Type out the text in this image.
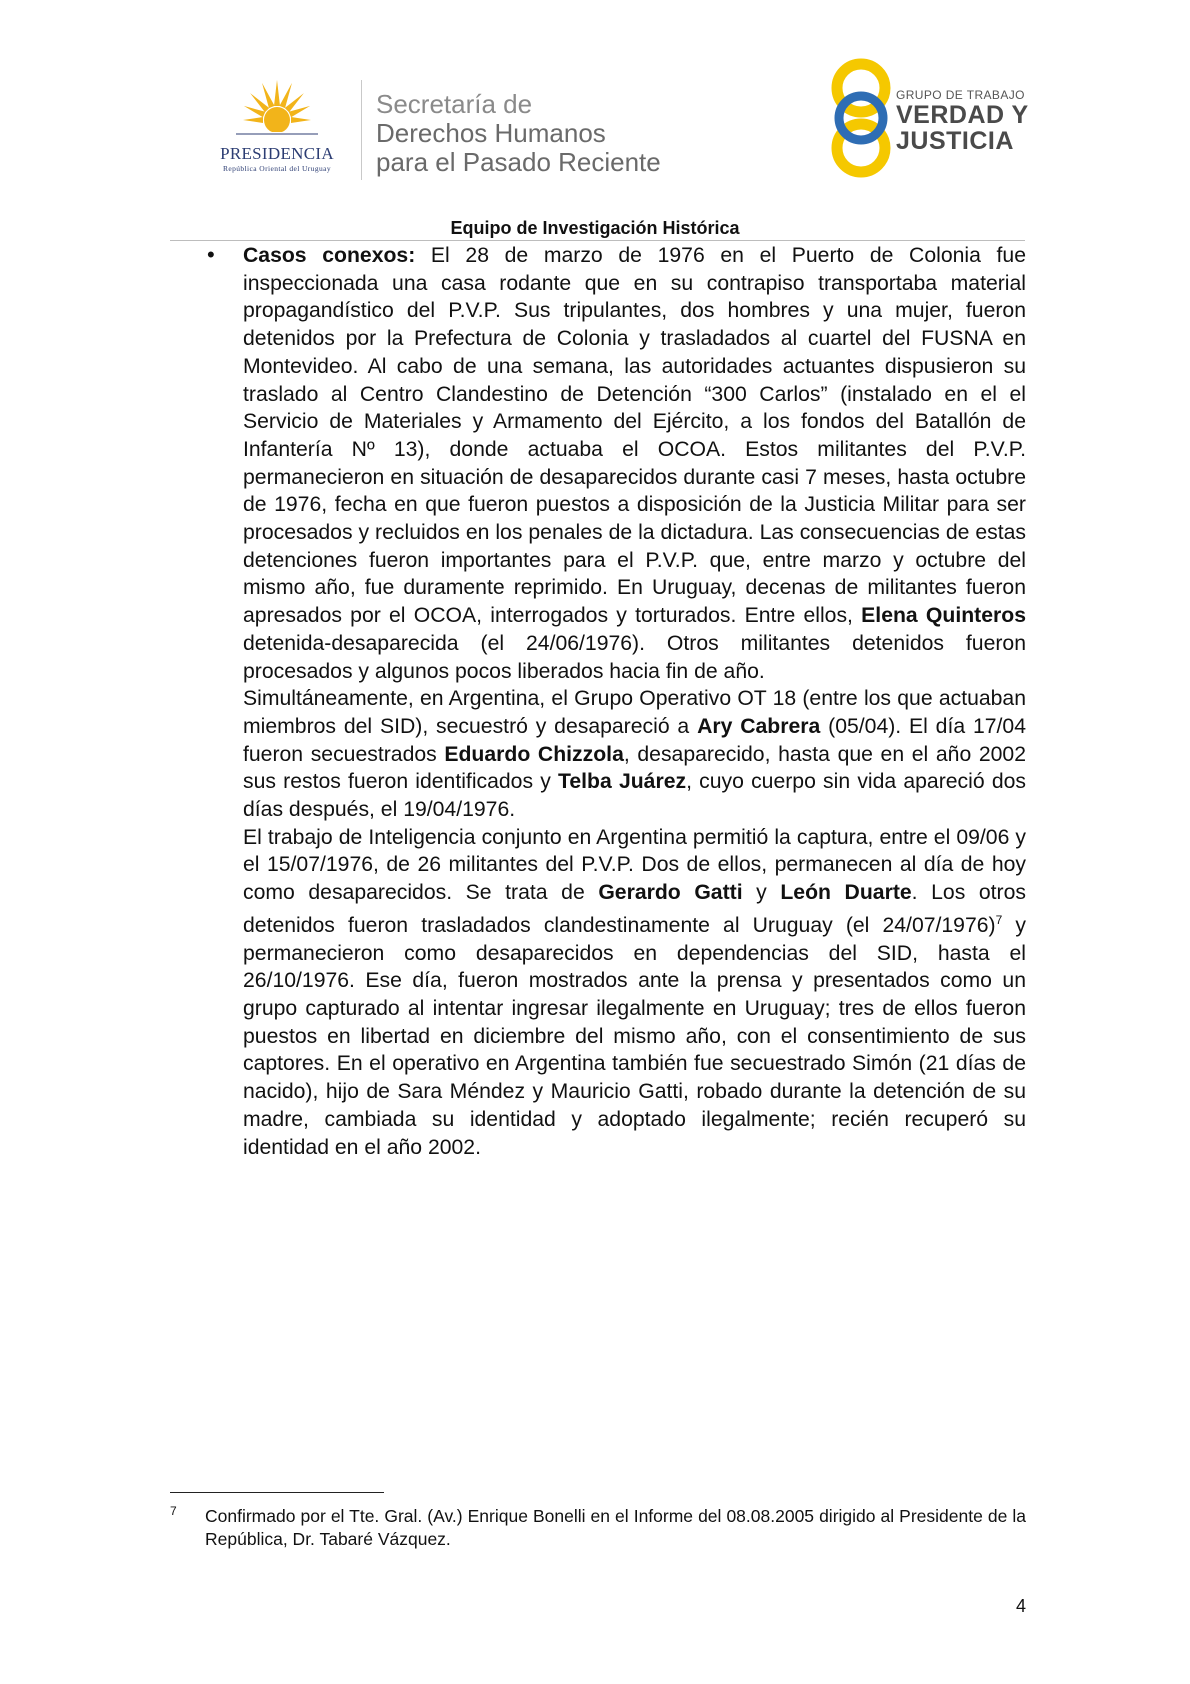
PRESIDENCIA
República Oriental del Uruguay
Secretaría de
Derechos Humanos
para el Pasado Reciente
GRUPO DE TRABAJO
VERDAD Y
JUSTICIA
Equipo de Investigación Histórica
• Casos conexos: El 28 de marzo de 1976 en el Puerto de Colonia fue inspeccionada una casa rodante que en su contrapiso transportaba material propagandístico del P.V.P. Sus tripulantes, dos hombres y una mujer, fueron detenidos por la Prefectura de Colonia y trasladados al cuartel del FUSNA en Montevideo. Al cabo de una semana, las autoridades actuantes dispusieron su traslado al Centro Clandestino de Detención “300 Carlos” (instalado en el el Servicio de Materiales y Armamento del Ejército, a los fondos del Batallón de Infantería Nº 13), donde actuaba el OCOA. Estos militantes del P.V.P. permanecieron en situación de desaparecidos durante casi 7 meses, hasta octubre de 1976, fecha en que fueron puestos a disposición de la Justicia Militar para ser procesados y recluidos en los penales de la dictadura. Las consecuencias de estas detenciones fueron importantes para el P.V.P. que, entre marzo y octubre del mismo año, fue duramente reprimido. En Uruguay, decenas de militantes fueron apresados por el OCOA, interrogados y torturados. Entre ellos, Elena Quinteros detenida-desaparecida (el 24/06/1976). Otros militantes detenidos fueron procesados y algunos pocos liberados hacia fin de año.

Simultáneamente, en Argentina, el Grupo Operativo OT 18 (entre los que actuaban miembros del SID), secuestró y desapareció a Ary Cabrera (05/04). El día 17/04 fueron secuestrados Eduardo Chizzola, desaparecido, hasta que en el año 2002 sus restos fueron identificados y Telba Juárez, cuyo cuerpo sin vida apareció dos días después, el 19/04/1976.

El trabajo de Inteligencia conjunto en Argentina permitió la captura, entre el 09/06 y el 15/07/1976, de 26 militantes del P.V.P. Dos de ellos, permanecen al día de hoy como desaparecidos. Se trata de Gerardo Gatti y León Duarte. Los otros detenidos fueron trasladados clandestinamente al Uruguay (el 24/07/1976)$^7$ y permanecieron como desaparecidos en dependencias del SID, hasta el 26/10/1976. Ese día, fueron mostrados ante la prensa y presentados como un grupo capturado al intentar ingresar ilegalmente en Uruguay; tres de ellos fueron puestos en libertad en diciembre del mismo año, con el consentimiento de sus captores. En el operativo en Argentina también fue secuestrado Simón (21 días de nacido), hijo de Sara Méndez y Mauricio Gatti, robado durante la detención de su madre, cambiada su identidad y adoptado ilegalmente; recién recuperó su identidad en el año 2002.

7 Confirmado por el Tte. Gral. (Av.) Enrique Bonelli en el Informe del 08.08.2005 dirigido al Presidente de la República, Dr. Tabaré Vázquez.
4
